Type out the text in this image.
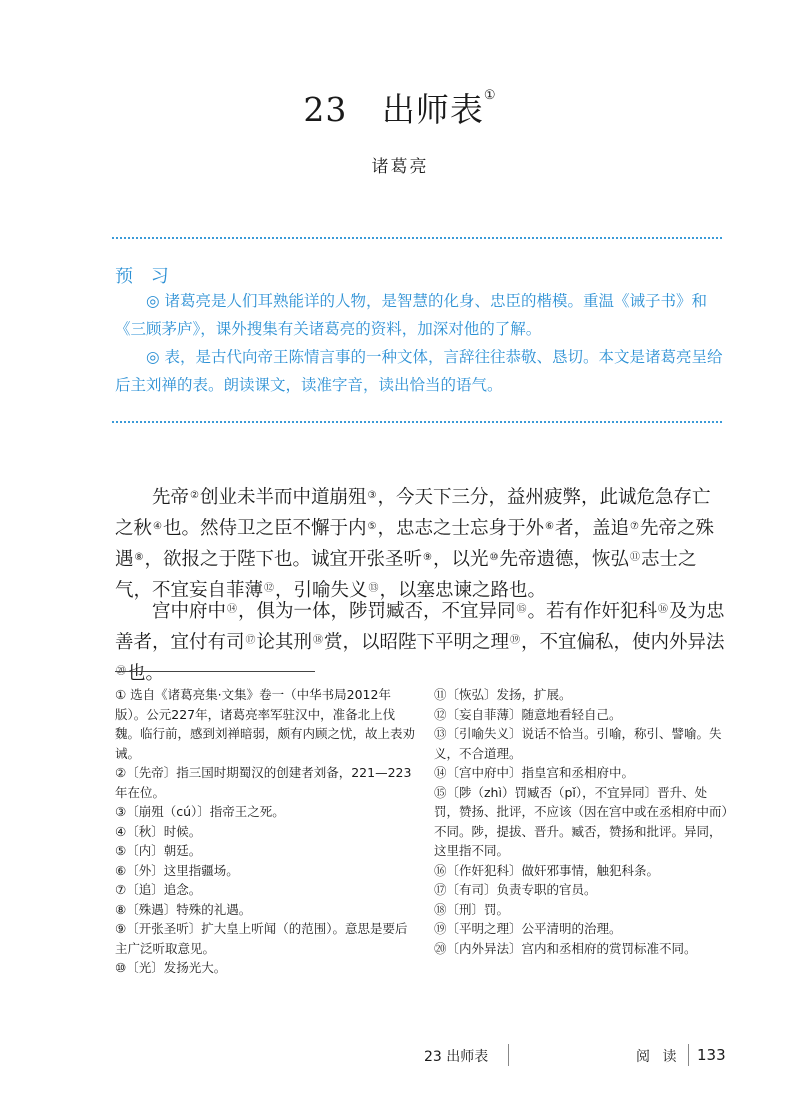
23 出师表①
诸葛亮
预 习
◎ 诸葛亮是人们耳熟能详的人物，是智慧的化身、忠臣的楷模。重温《诫子书》和《三顾茅庐》，课外搜集有关诸葛亮的资料，加深对他的了解。
◎ 表，是古代向帝王陈情言事的一种文体，言辞往往恭敬、恳切。本文是诸葛亮呈给后主刘禅的表。朗读课文，读准字音，读出恰当的语气。
先帝②创业未半而中道崩殂③，今天下三分，益州疲弊，此诚危急存亡之秋④也。然侍卫之臣不懈于内⑤，忠志之士忘身于外⑥者，盖追⑦先帝之殊遇⑧，欲报之于陛下也。诚宜开张圣听⑨，以光⑩先帝遗德，恢弘⑪志士之气，不宜妄自菲薄⑫，引喻失义⑬，以塞忠谏之路也。
宫中府中⑭，俱为一体，陟罚臧否，不宜异同⑮。若有作奸犯科⑯及为忠善者，宜付有司⑰论其刑⑱赏，以昭陛下平明之理⑲，不宜偏私，使内外异法⑳也。
① 选自《诸葛亮集·文集》卷一（中华书局2012年版）。公元227年，诸葛亮率军驻汉中，准备北上伐魏。临行前，感到刘禅暗弱，颇有内顾之忧，故上表劝诫。
②〔先帝〕指三国时期蜀汉的创建者刘备，221—223年在位。
③〔崩殂（cú）〕指帝王之死。
④〔秋〕时候。
⑤〔内〕朝廷。
⑥〔外〕这里指疆场。
⑦〔追〕追念。
⑧〔殊遇〕特殊的礼遇。
⑨〔开张圣听〕扩大皇上听闻（的范围）。意思是要后主广泛听取意见。
⑩〔光〕发扬光大。
⑪〔恢弘〕发扬，扩展。
⑫〔妄自菲薄〕随意地看轻自己。
⑬〔引喻失义〕说话不恰当。引喻，称引、譬喻。失义，不合道理。
⑭〔宫中府中〕指皇宫和丞相府中。
⑮〔陟（zhì）罚臧否（pǐ），不宜异同〕晋升、处罚，赞扬、批评，不应该（因在宫中或在丞相府中而）不同。陟，提拔、晋升。臧否，赞扬和批评。异同，这里指不同。
⑯〔作奸犯科〕做奸邪事情，触犯科条。
⑰〔有司〕负责专职的官员。
⑱〔刑〕罚。
⑲〔平明之理〕公平清明的治理。
⑳〔内外异法〕宫内和丞相府的赏罚标准不同。
23 出师表	阅 读 133
